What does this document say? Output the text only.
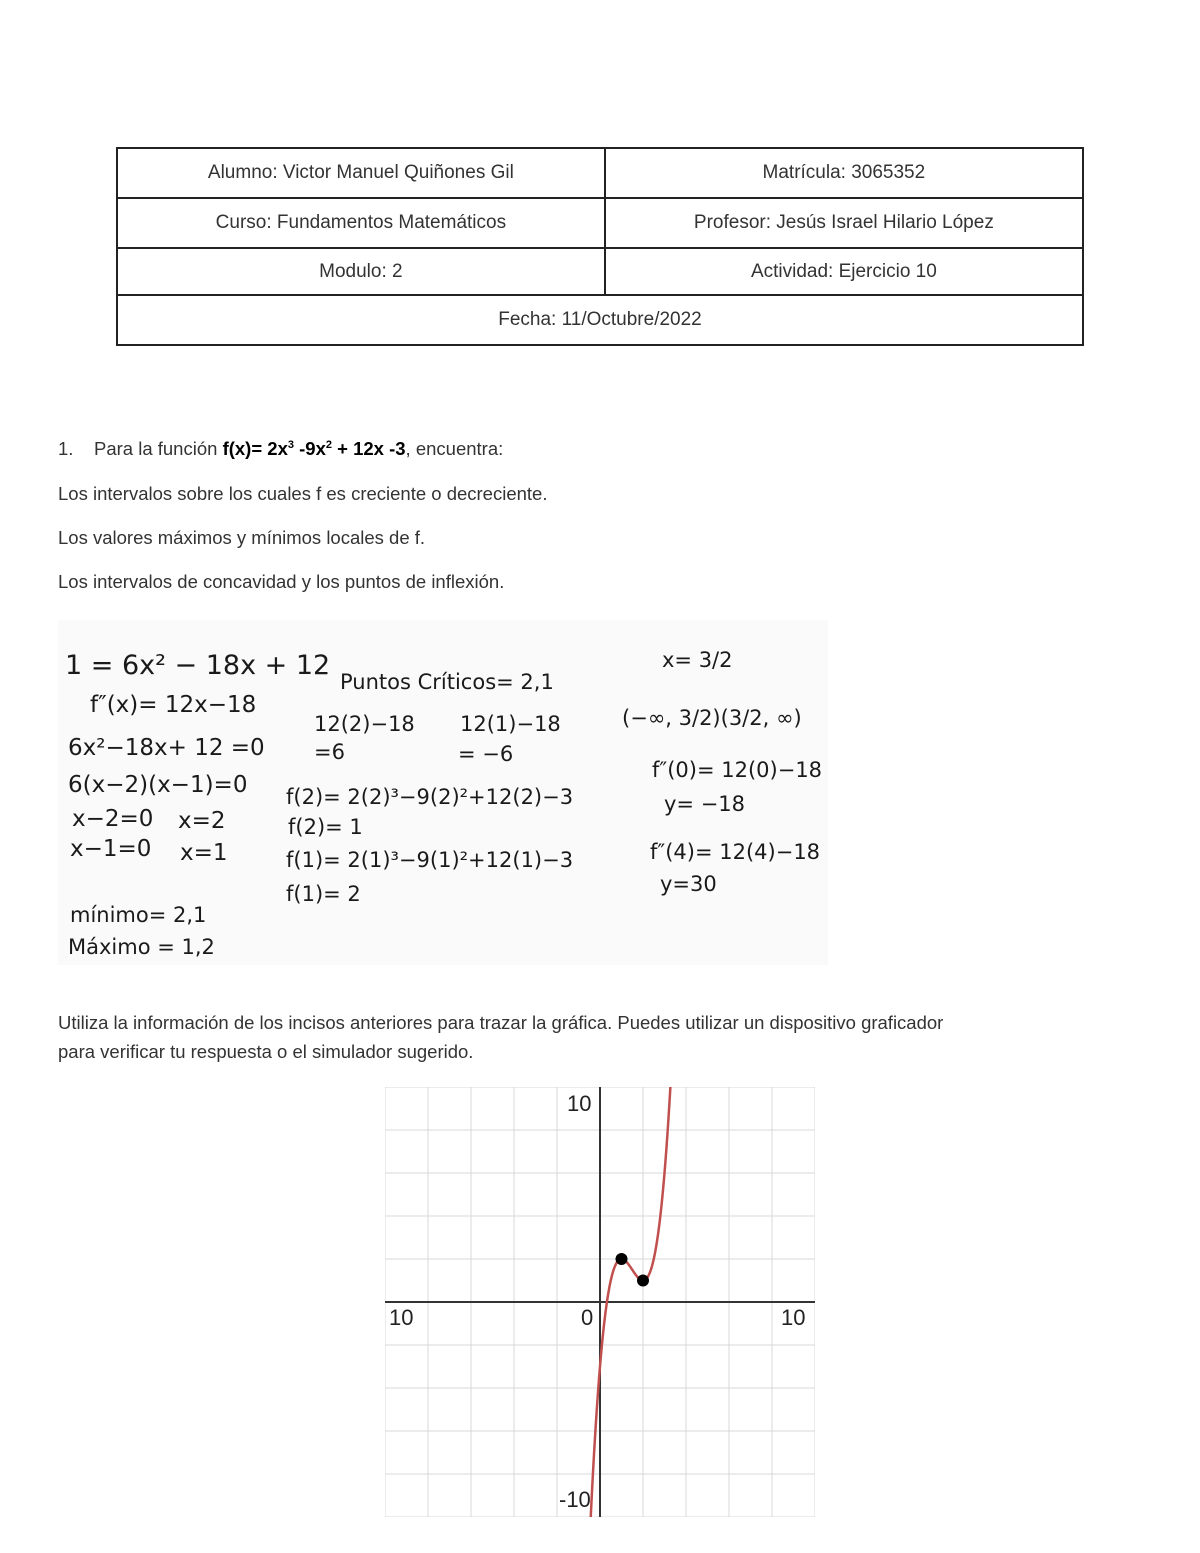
Alumno: Victor Manuel Quiñones Gil	Matrícula: 3065352
Curso: Fundamentos Matemáticos	Profesor: Jesús Israel Hilario López
Modulo: 2	Actividad: Ejercicio 10
Fecha: 11/Octubre/2022	
1. Para la función $f(x)= 2x^3$ $-9x^2 + 12x$ -3, encuentra:
Los intervalos sobre los cuales f es creciente o decreciente.
Los valores máximos y mínimos locales de f.
Los intervalos de concavidad y los puntos de inflexión.
1 = 6x² − 18x + 12
f″(x)= 12x−18
6x²−18x+ 12 =0
6(x−2)(x−1)=0
x−2=0 x=2
x−1=0 x=1
mínimo= 2,1
Máximo = 1,2
Puntos Críticos= 2,1
12(2)−18
=6
12(1)−18
= −6
f(2)= 2(2)³−9(2)²+12(2)−3
f(2)= 1
f(1)= 2(1)³−9(1)²+12(1)−3
f(1)= 2
x= 3/2
(−∞, 3/2)(3/2, ∞)
f″(0)= 12(0)−18
y= −18
f″(4)= 12(4)−18
y=30
Utiliza la información de los incisos anteriores para trazar la gráfica. Puedes utilizar un dispositivo graficador
para verificar tu respuesta o el simulador sugerido.
10	10
0
10
-10
